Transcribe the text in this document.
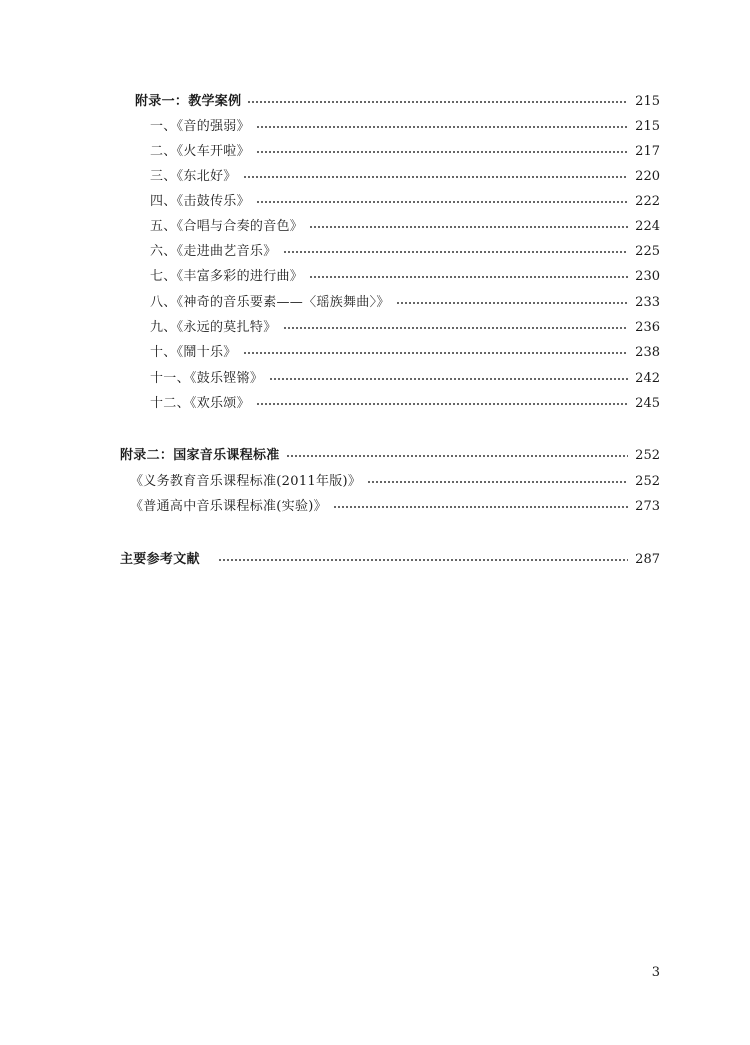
附录一：教学案例	215
一、《音的强弱》	215
二、《火车开啦》	217
三、《东北好》	220
四、《击鼓传乐》	222
五、《合唱与合奏的音色》	224
六、《走进曲艺音乐》	225
七、《丰富多彩的进行曲》	230
八、《神奇的音乐要素——〈瑶族舞曲〉》	233
九、《永远的莫扎特》	236
十、《鬧十乐》	238
十一、《鼓乐铿锵》	242
十二、《欢乐颂》	245
附录二：国家音乐课程标准	252
《义务教育音乐课程标准(2011年版)》	252
《普通高中音乐课程标准(实验)》	273
主要参考文献	287
3
